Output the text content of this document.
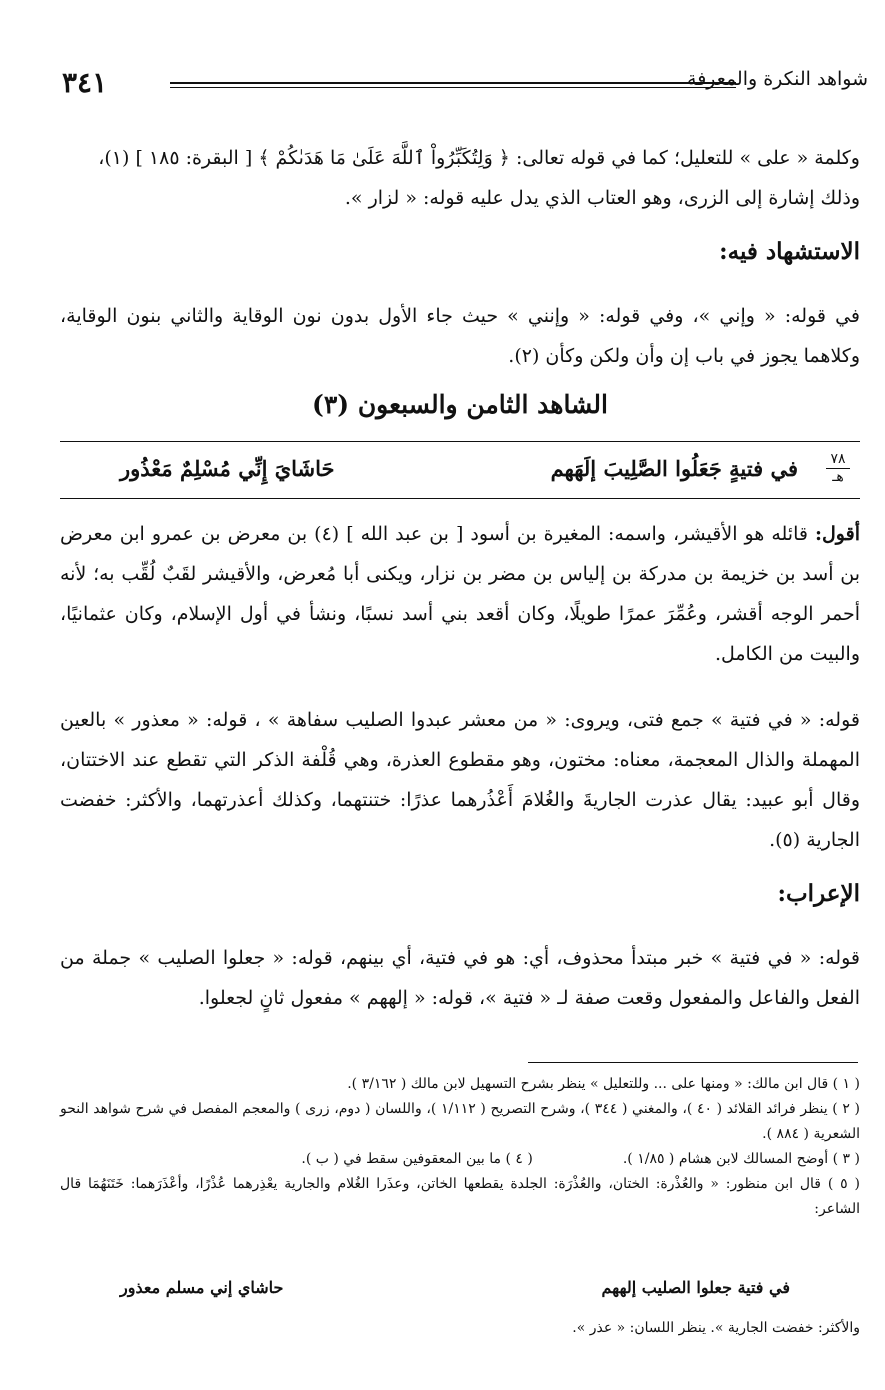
٣٤١	شواهد النكرة والمعرفة
وكلمة « على » للتعليل؛ كما في قوله تعالى: ﴿ وَلِتُكَبِّرُواْ ٱللَّهَ عَلَىٰ مَا هَدَىٰكُمْ ﴾ [ البقرة: ١٨٥ ] (١)،
وذلك إشارة إلى الزرى، وهو العتاب الذي يدل عليه قوله: « لزار ».
الاستشهاد فيه:
في قوله: « وإني »، وفي قوله: « وإنني » حيث جاء الأول بدون نون الوقاية والثاني بنون الوقاية، وكلاهما يجوز في باب إن وأن ولكن وكأن (٢).
الشاهد الثامن والسبعون (٣)
٧٨
هـ
في فتيةٍ جَعَلُوا الصَّلِيبَ إلَهَهم
حَاشَايَ إِنِّي مُسْلِمٌ مَعْذُور
أقول: قائله هو الأقيشر، واسمه: المغيرة بن أسود [ بن عبد الله ] (٤) بن معرض بن عمرو ابن معرض بن أسد بن خزيمة بن مدركة بن إلياس بن مضر بن نزار، ويكنى أبا مُعرض، والأقيشر لقَبٌ لُقِّب به؛ لأنه أحمر الوجه أقشر، وعُمِّرَ عمرًا طويلًا، وكان أقعد بني أسد نسبًا، ونشأ في أول الإسلام، وكان عثمانيًا، والبيت من الكامل.
قوله: « في فتية » جمع فتى، ويروى: « من معشر عبدوا الصليب سفاهة » ، قوله: « معذور » بالعين المهملة والذال المعجمة، معناه: مختون، وهو مقطوع العذرة، وهي قُلْفة الذكر التي تقطع عند الاختتان، وقال أبو عبيد: يقال عذرت الجاريةَ والغُلامَ أَعْذُرهما عذرًا: ختنتهما، وكذلك أعذرتهما، والأكثر: خفضت الجارية (٥).
الإعراب:
قوله: « في فتية » خبر مبتدأ محذوف، أي: هو في فتية، أي بينهم، قوله: « جعلوا الصليب » جملة من الفعل والفاعل والمفعول وقعت صفة لـ « فتية »، قوله: « إلههم » مفعول ثانٍ لجعلوا.
( ١ ) قال ابن مالك: « ومنها على ... وللتعليل » ينظر بشرح التسهيل لابن مالك ( ٣/١٦٢ ).
( ٢ ) ينظر فرائد القلائد ( ٤٠ )، والمغني ( ٣٤٤ )، وشرح التصريح ( ١/١١٢ )، واللسان ( دوم، زرى ) والمعجم المفصل في شرح شواهد النحو الشعرية ( ٨٨٤ ).
( ٣ ) أوضح المسالك لابن هشام ( ١/٨٥ ).
( ٤ ) ما بين المعقوفين سقط في ( ب ).
( ٥ ) قال ابن منظور: « والعُذْرة: الختان، والعُذْرَة: الجلدة يقطعها الخاتن، وعذَرا الغُلام والجارية يعْذِرهما عُذْرًا، وأعْذَرَهما: خَتَنَهُمَا قال الشاعر:
في فتية جعلوا الصليب إلههم
حاشاي إني مسلم معذور
والأكثر: خفضت الجارية ». ينظر اللسان: « عذر ».
